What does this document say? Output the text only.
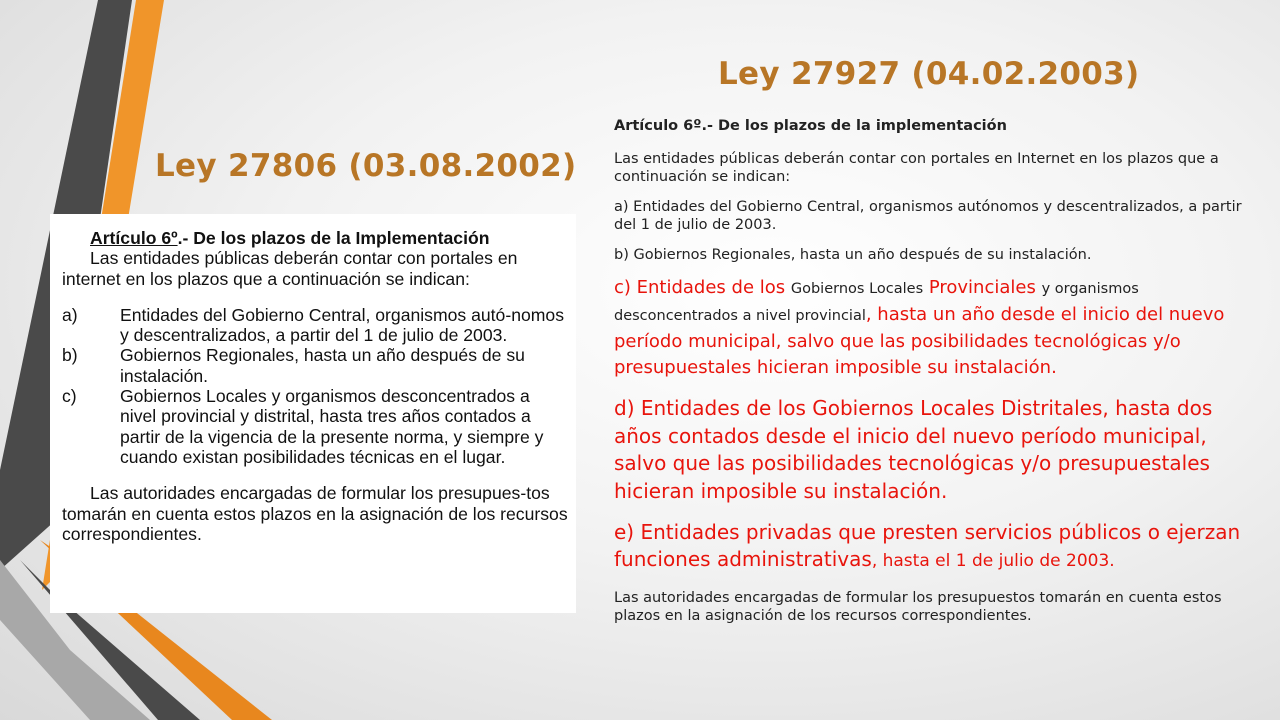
Ley 27806 (03.08.2002)
Ley 27927 (04.02.2003)
Artículo 6º.- De los plazos de la Implementación
Las entidades públicas deberán contar con portales en internet en los plazos que a continuación se indican:
a)	Entidades del Gobierno Central, organismos autó-nomos y descentralizados, a partir del 1 de julio de 2003.
b)	Gobiernos Regionales, hasta un año después de su instalación.
c)	Gobiernos Locales y organismos desconcentrados a nivel provincial y distrital, hasta tres años contados a partir de la vigencia de la presente norma, y siempre y cuando existan posibilidades técnicas en el lugar.
Las autoridades encargadas de formular los presupues-tos tomarán en cuenta estos plazos en la asignación de los recursos correspondientes.

Artículo 6º.- De los plazos de la implementación

Las entidades públicas deberán contar con portales en Internet en los plazos que a continuación se indican:

a) Entidades del Gobierno Central, organismos autónomos y descentralizados, a partir del 1 de julio de 2003.

b) Gobiernos Regionales, hasta un año después de su instalación.

c) Entidades de los Gobiernos Locales Provinciales y organismos desconcentrados a nivel provincial, hasta un año desde el inicio del nuevo período municipal, salvo que las posibilidades tecnológicas y/o presupuestales hicieran imposible su instalación.

d) Entidades de los Gobiernos Locales Distritales, hasta dos años contados desde el inicio del nuevo período municipal, salvo que las posibilidades tecnológicas y/o presupuestales hicieran imposible su instalación.

e) Entidades privadas que presten servicios públicos o ejerzan funciones administrativas, hasta el 1 de julio de 2003.

Las autoridades encargadas de formular los presupuestos tomarán en cuenta estos plazos en la asignación de los recursos correspondientes.
